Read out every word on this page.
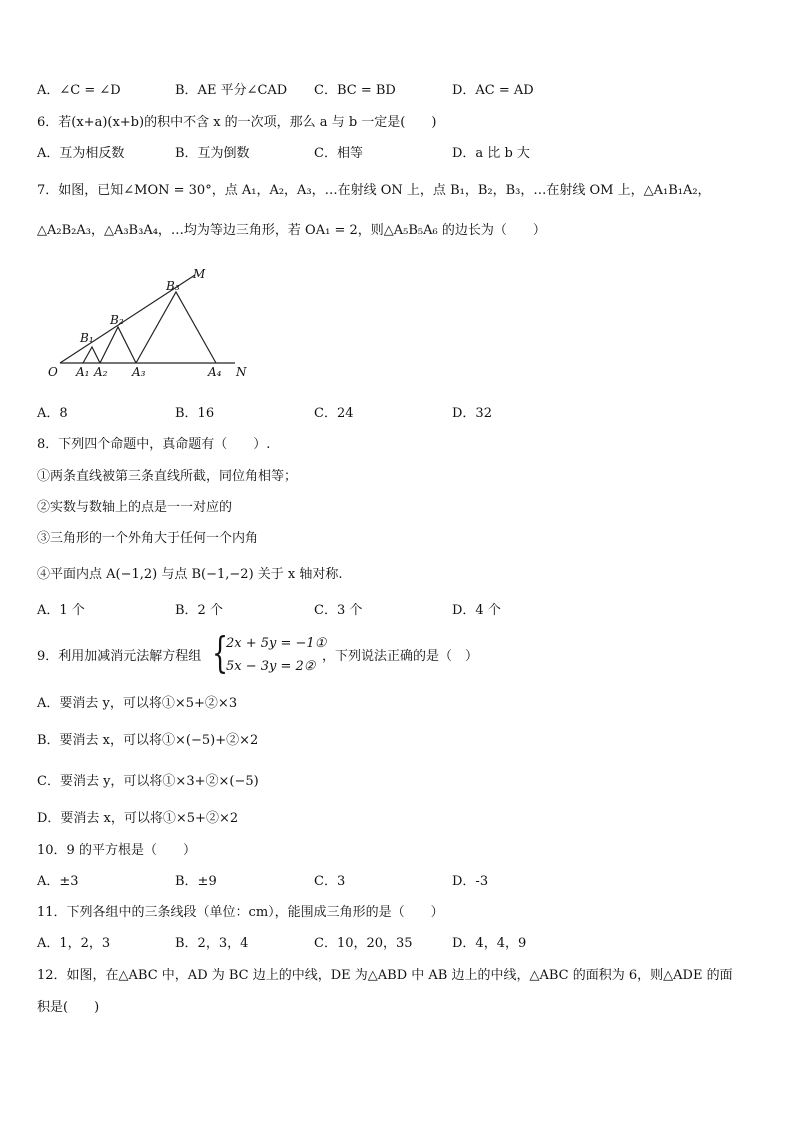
A．∠C = ∠D	B．AE 平分∠CAD C．BC = BD	D．AC = AD
6．若(x+a)(x+b)的积中不含 x 的一次项，那么 a 与 b 一定是(　　)
A．互为相反数	B．互为倒数	C．相等	D．a 比 b 大
7．如图，已知∠MON = 30°，点 A₁，A₂，A₃，…在射线 ON 上，点 B₁，B₂，B₃，…在射线 OM 上，△A₁B₁A₂，
△A₂B₂A₃，△A₃B₃A₄，…均为等边三角形，若 OA₁ = 2，则△A₅B₅A₆ 的边长为（　　）
O	N
M
A₁ A₂ A₃	A₄
B₁
B₂
B₃
A．8	B．16	C．24	D．32
8．下列四个命题中，真命题有（　　）.
①两条直线被第三条直线所截，同位角相等；
②实数与数轴上的点是一一对应的
③三角形的一个外角大于任何一个内角
④平面内点 A(−1,2) 与点 B(−1,−2) 关于 x 轴对称.
A．1 个	B．2 个	C．3 个	D．4 个
9．利用加减消元法解方程组 {
2x + 5y = −1①
5x − 3y = 2②
，下列说法正确的是（　）
A．要消去 y，可以将①×5+②×3
B．要消去 x，可以将①×(−5)+②×2
C．要消去 y，可以将①×3+②×(−5)
D．要消去 x，可以将①×5+②×2
10．9 的平方根是（　　）
A．±3	B．±9	C．3	D．-3
11．下列各组中的三条线段（单位：cm），能围成三角形的是（　　）
A．1，2，3	B．2，3，4	C．10，20，35	D．4，4，9
12．如图，在△ABC 中，AD 为 BC 边上的中线，DE 为△ABD 中 AB 边上的中线，△ABC 的面积为 6，则△ADE 的面
积是(　　)
